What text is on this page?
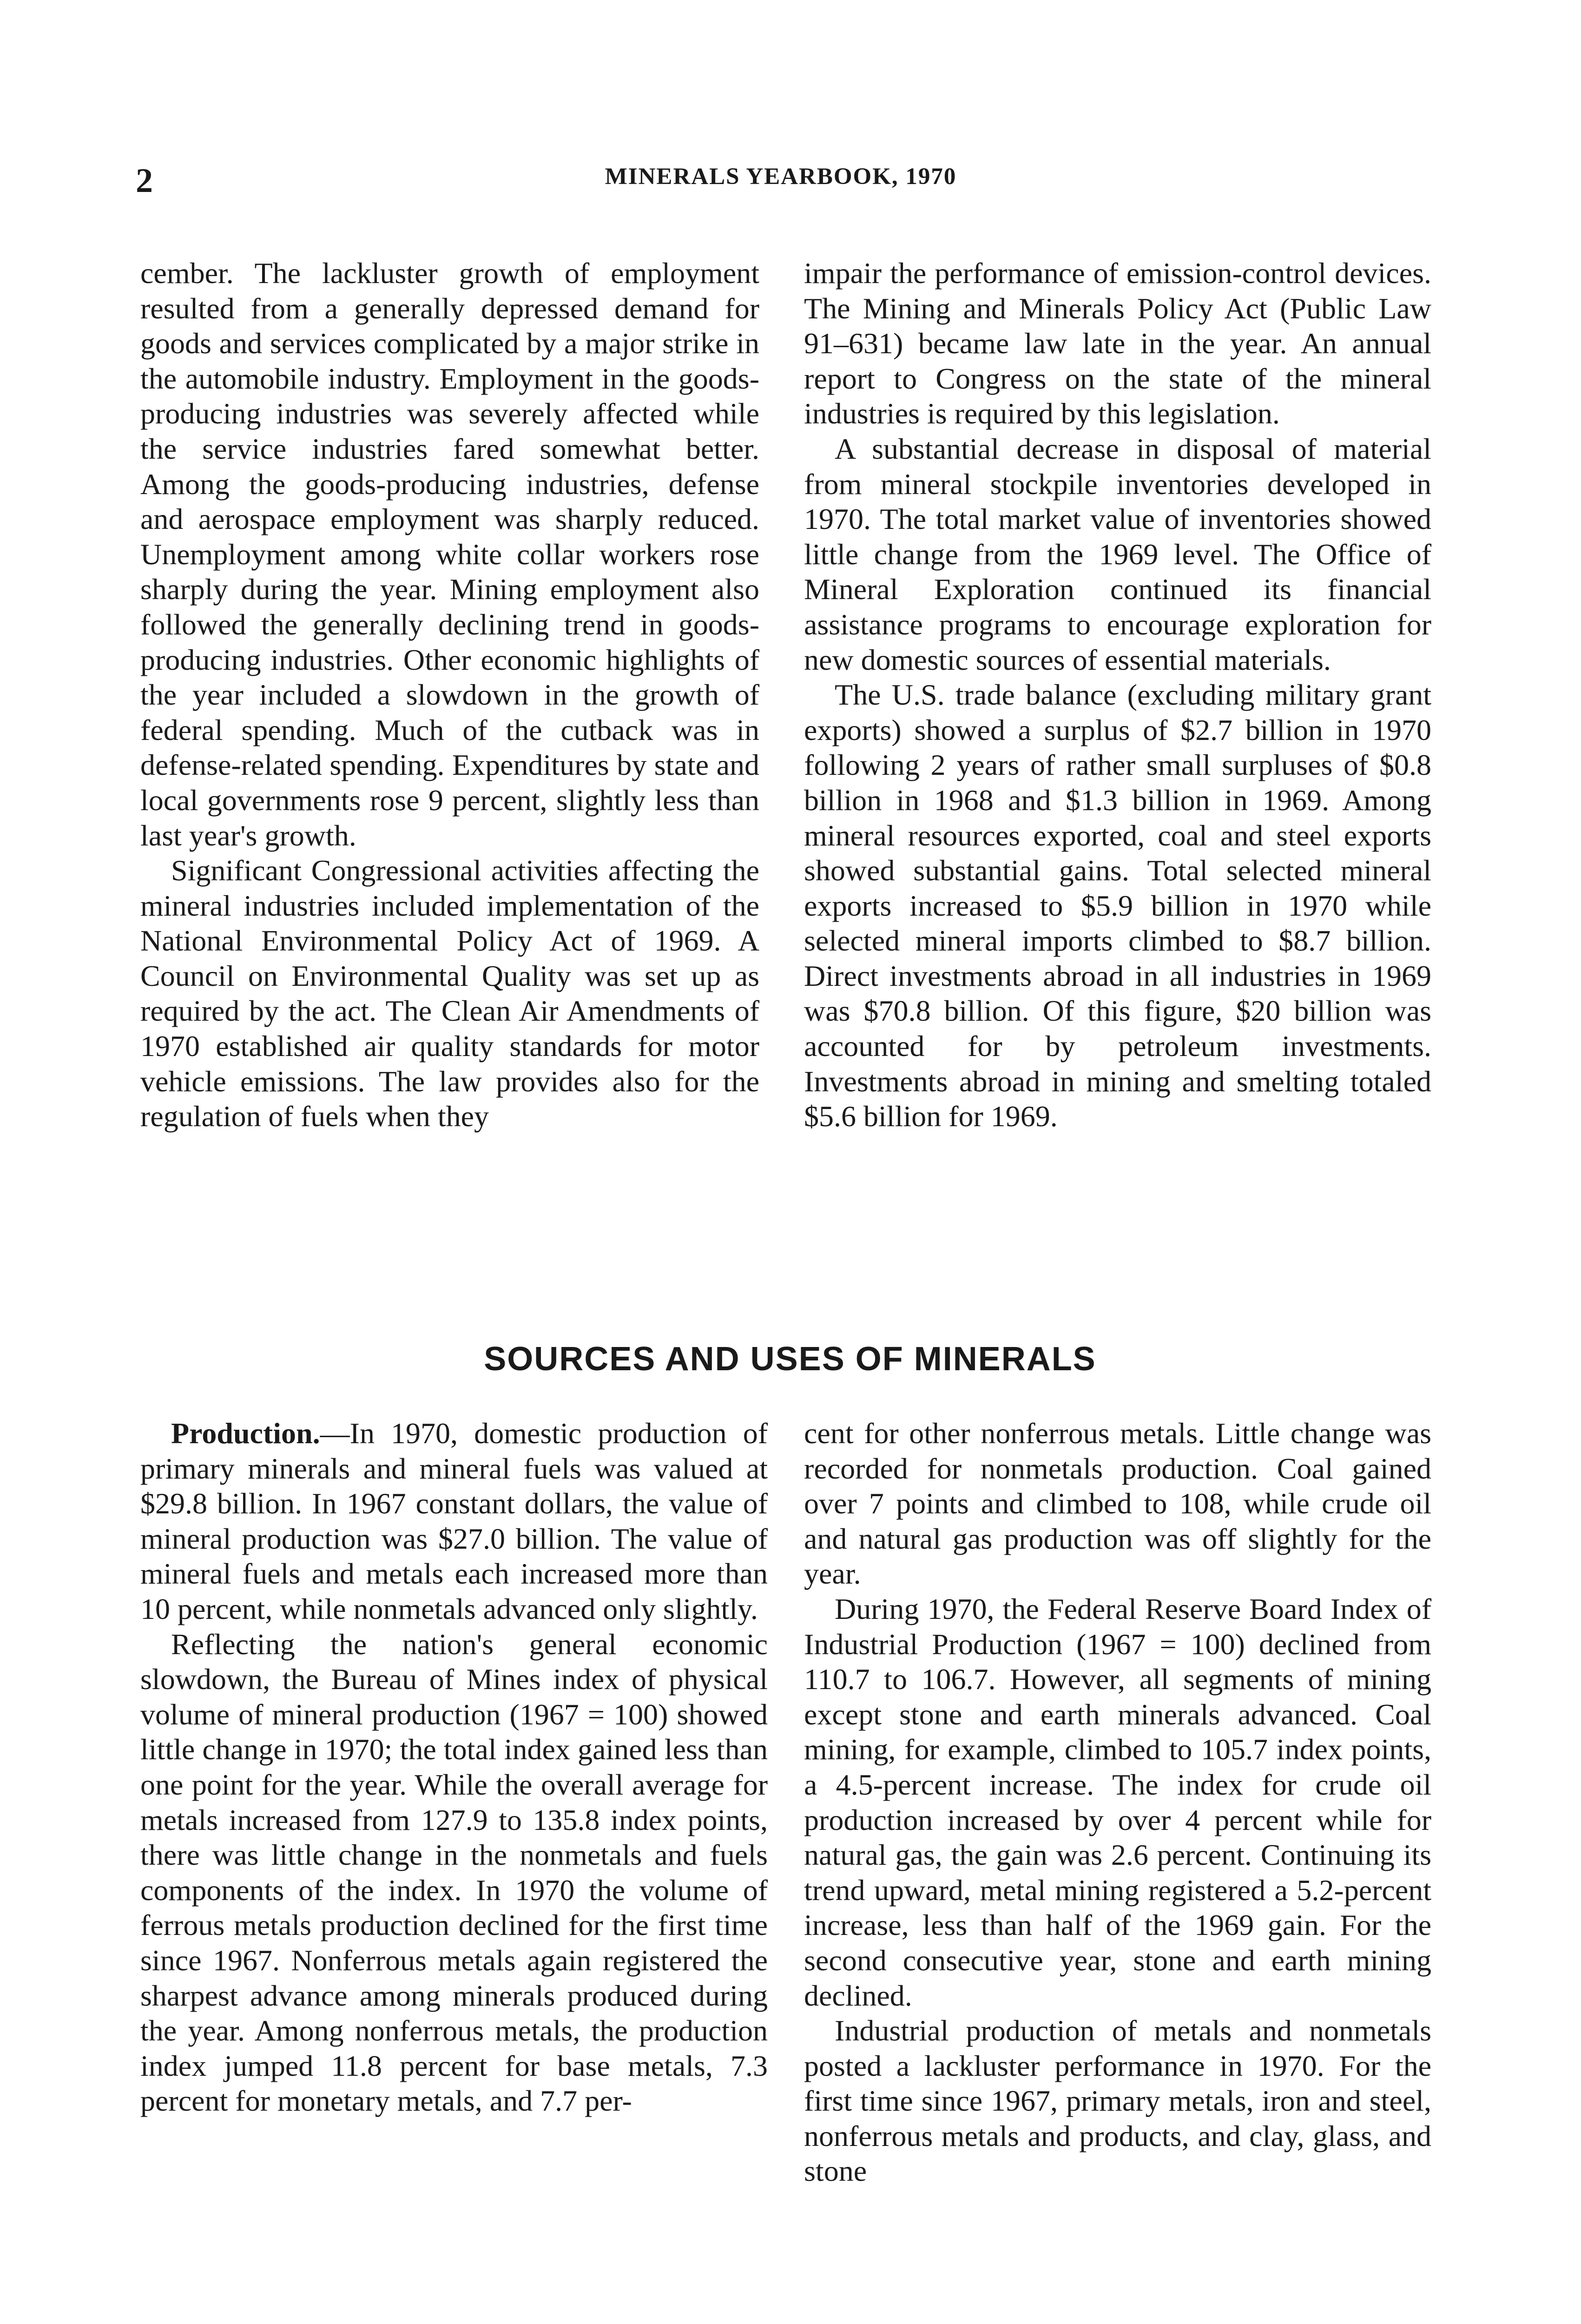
2	MINERALS YEARBOOK, 1970

cember. The lackluster growth of employment resulted from a generally depressed demand for goods and services complicated by a major strike in the automobile industry. Employment in the goods-producing industries was severely affected while the service industries fared somewhat better. Among the goods-producing industries, defense and aerospace employment was sharply reduced. Unemployment among white collar workers rose sharply during the year. Mining employment also followed the generally declining trend in goods-producing industries. Other economic highlights of the year included a slowdown in the growth of federal spending. Much of the cutback was in defense-related spending. Expenditures by state and local governments rose 9 percent, slightly less than last year's growth.

Significant Congressional activities affecting the mineral industries included implementation of the National Environmental Policy Act of 1969. A Council on Environmental Quality was set up as required by the act. The Clean Air Amendments of 1970 established air quality standards for motor vehicle emissions. The law provides also for the regulation of fuels when they

impair the performance of emission-control devices. The Mining and Minerals Policy Act (Public Law 91–631) became law late in the year. An annual report to Congress on the state of the mineral industries is required by this legislation.

A substantial decrease in disposal of material from mineral stockpile inventories developed in 1970. The total market value of inventories showed little change from the 1969 level. The Office of Mineral Exploration continued its financial assistance programs to encourage exploration for new domestic sources of essential materials.

The U.S. trade balance (excluding military grant exports) showed a surplus of $2.7 billion in 1970 following 2 years of rather small surpluses of $0.8 billion in 1968 and $1.3 billion in 1969. Among mineral resources exported, coal and steel exports showed substantial gains. Total selected mineral exports increased to $5.9 billion in 1970 while selected mineral imports climbed to $8.7 billion. Direct investments abroad in all industries in 1969 was $70.8 billion. Of this figure, $20 billion was accounted for by petroleum investments. Investments abroad in mining and smelting totaled $5.6 billion for 1969.

SOURCES AND USES OF MINERALS

Production.—In 1970, domestic production of primary minerals and mineral fuels was valued at $29.8 billion. In 1967 constant dollars, the value of mineral production was $27.0 billion. The value of mineral fuels and metals each increased more than 10 percent, while nonmetals advanced only slightly.

Reflecting the nation's general economic slowdown, the Bureau of Mines index of physical volume of mineral production (1967 = 100) showed little change in 1970; the total index gained less than one point for the year. While the overall average for metals increased from 127.9 to 135.8 index points, there was little change in the nonmetals and fuels components of the index. In 1970 the volume of ferrous metals production declined for the first time since 1967. Nonferrous metals again registered the sharpest advance among minerals produced during the year. Among nonferrous metals, the production index jumped 11.8 percent for base metals, 7.3 percent for monetary metals, and 7.7 per-

cent for other nonferrous metals. Little change was recorded for nonmetals production. Coal gained over 7 points and climbed to 108, while crude oil and natural gas production was off slightly for the year.

During 1970, the Federal Reserve Board Index of Industrial Production (1967 = 100) declined from 110.7 to 106.7. However, all segments of mining except stone and earth minerals advanced. Coal mining, for example, climbed to 105.7 index points, a 4.5-percent increase. The index for crude oil production increased by over 4 percent while for natural gas, the gain was 2.6 percent. Continuing its trend upward, metal mining registered a 5.2-percent increase, less than half of the 1969 gain. For the second consecutive year, stone and earth mining declined.

Industrial production of metals and nonmetals posted a lackluster performance in 1970. For the first time since 1967, primary metals, iron and steel, nonferrous metals and products, and clay, glass, and stone
